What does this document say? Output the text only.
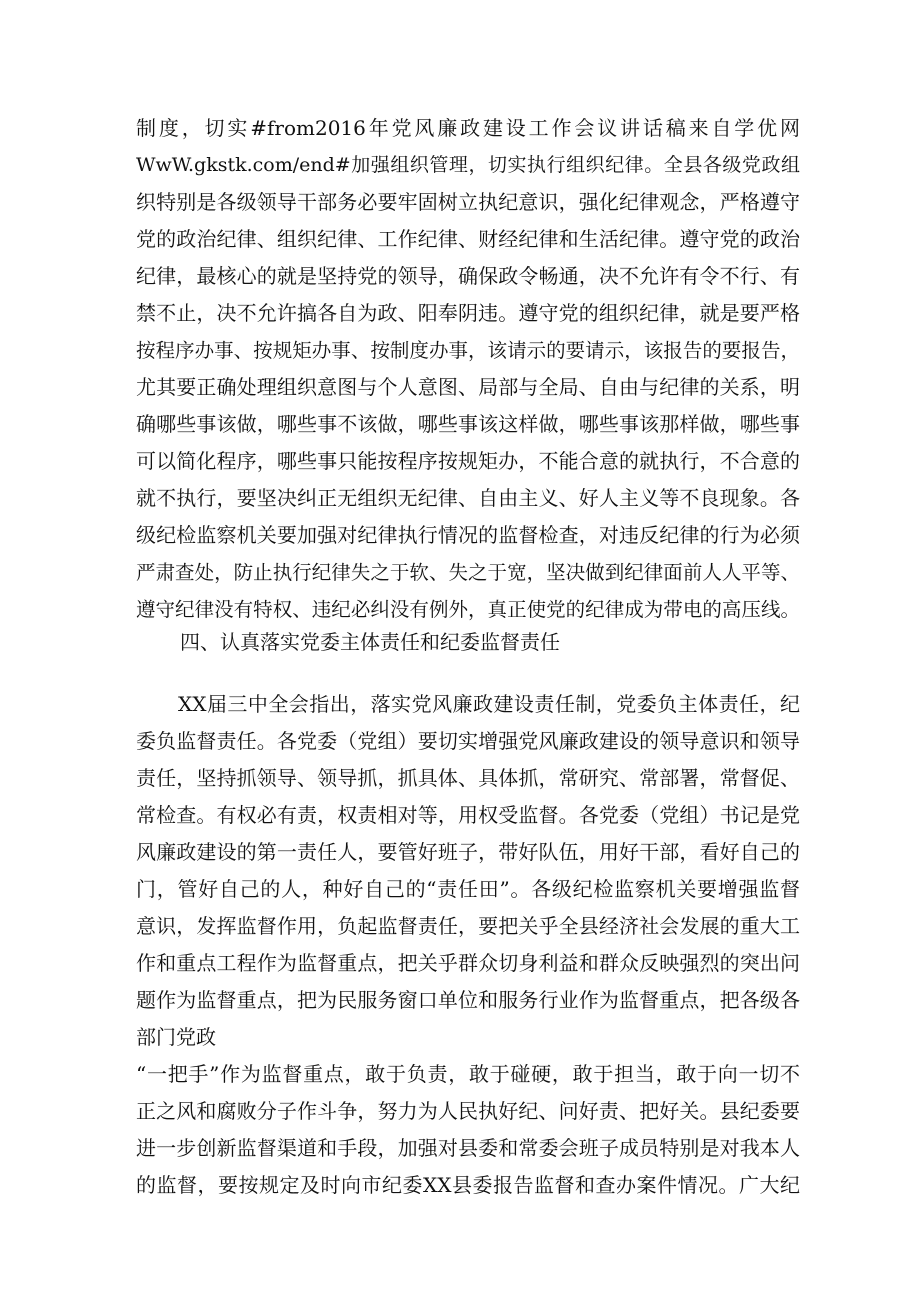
制度，切实#from2016年党风廉政建设工作会议讲话稿来自学优网
WwW.gkstk.com/end#加强组织管理，切实执行组织纪律。全县各级党政组
织特别是各级领导干部务必要牢固树立执纪意识，强化纪律观念，严格遵守
党的政治纪律、组织纪律、工作纪律、财经纪律和生活纪律。遵守党的政治
纪律，最核心的就是坚持党的领导，确保政令畅通，决不允许有令不行、有
禁不止，决不允许搞各自为政、阳奉阴违。遵守党的组织纪律，就是要严格
按程序办事、按规矩办事、按制度办事，该请示的要请示，该报告的要报告，
尤其要正确处理组织意图与个人意图、局部与全局、自由与纪律的关系，明
确哪些事该做，哪些事不该做，哪些事该这样做，哪些事该那样做，哪些事
可以简化程序，哪些事只能按程序按规矩办，不能合意的就执行，不合意的
就不执行，要坚决纠正无组织无纪律、自由主义、好人主义等不良现象。各
级纪检监察机关要加强对纪律执行情况的监督检查，对违反纪律的行为必须
严肃查处，防止执行纪律失之于软、失之于宽，坚决做到纪律面前人人平等、
遵守纪律没有特权、违纪必纠没有例外，真正使党的纪律成为带电的高压线。
四、认真落实党委主体责任和纪委监督责任
XX届三中全会指出，落实党风廉政建设责任制，党委负主体责任，纪
委负监督责任。各党委（党组）要切实增强党风廉政建设的领导意识和领导
责任，坚持抓领导、领导抓，抓具体、具体抓，常研究、常部署，常督促、
常检查。有权必有责，权责相对等，用权受监督。各党委（党组）书记是党
风廉政建设的第一责任人，要管好班子，带好队伍，用好干部，看好自己的
门，管好自己的人，种好自己的“责任田”。各级纪检监察机关要增强监督
意识，发挥监督作用，负起监督责任，要把关乎全县经济社会发展的重大工
作和重点工程作为监督重点，把关乎群众切身利益和群众反映强烈的突出问
题作为监督重点，把为民服务窗口单位和服务行业作为监督重点，把各级各
部门党政
“一把手”作为监督重点，敢于负责，敢于碰硬，敢于担当，敢于向一切不
正之风和腐败分子作斗争，努力为人民执好纪、问好责、把好关。县纪委要
进一步创新监督渠道和手段，加强对县委和常委会班子成员特别是对我本人
的监督，要按规定及时向市纪委XX县委报告监督和查办案件情况。广大纪
